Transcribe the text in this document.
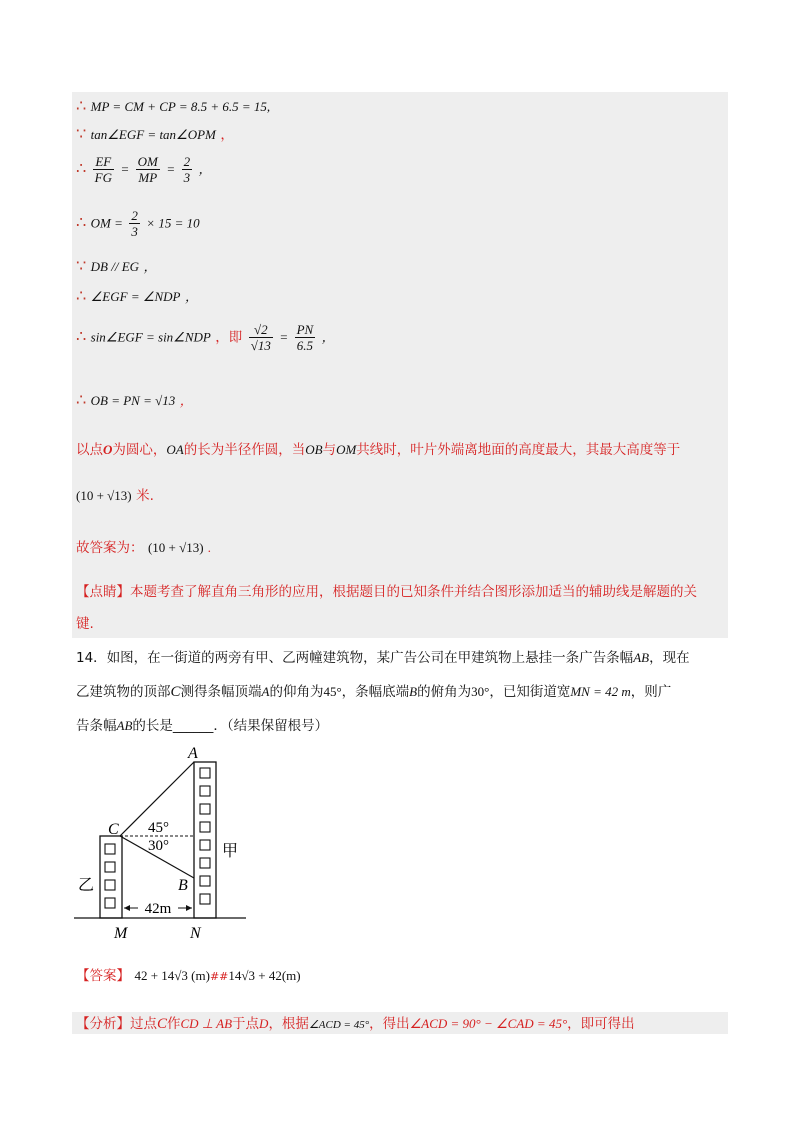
∴ MP = CM + CP = 8.5 + 6.5 = 15,
∵ tan∠EGF = tan∠OPM ，
∴ $\frac{EF}{FG} = \frac{OM}{MP} = \frac{2}{3}$ ，
∴ OM = $\frac{2}{3} \times 15 = 10$
∵ DB // EG ，
∴ ∠EGF = ∠NDP ，
∴ sin∠EGF = sin∠NDP ，即 $\frac{√2}{√13} = \frac{PN}{6.5}$ ，
∴ OB = PN = √13 ，
以点O为圆心，OA的长为半径作圆，当OB与OM共线时，叶片外端离地面的高度最大，其最大高度等于
(10 + √13) 米.
故答案为： (10 + √13) .
【点睛】本题考查了解直角三角形的应用，根据题目的已知条件并结合图形添加适当的辅助线是解题的关
键.
14．如图，在一街道的两旁有甲、乙两幢建筑物，某广告公司在甲建筑物上悬挂一条广告条幅AB，现在
乙建筑物的顶部C测得条幅顶端A的仰角为45°，条幅底端B的俯角为30°，已知街道宽MN = 42 m，则广
告条幅AB的长是______．（结果保留根号）
42m
A
C
B
M	N
45°
30°	甲
乙
【答案】 42 + 14√3 (m)##14√3 + 42(m)
【分析】过点C作CD ⊥ AB于点D，根据∠ACD = 45°，得出∠ACD = 90° − ∠CAD = 45°，即可得出
